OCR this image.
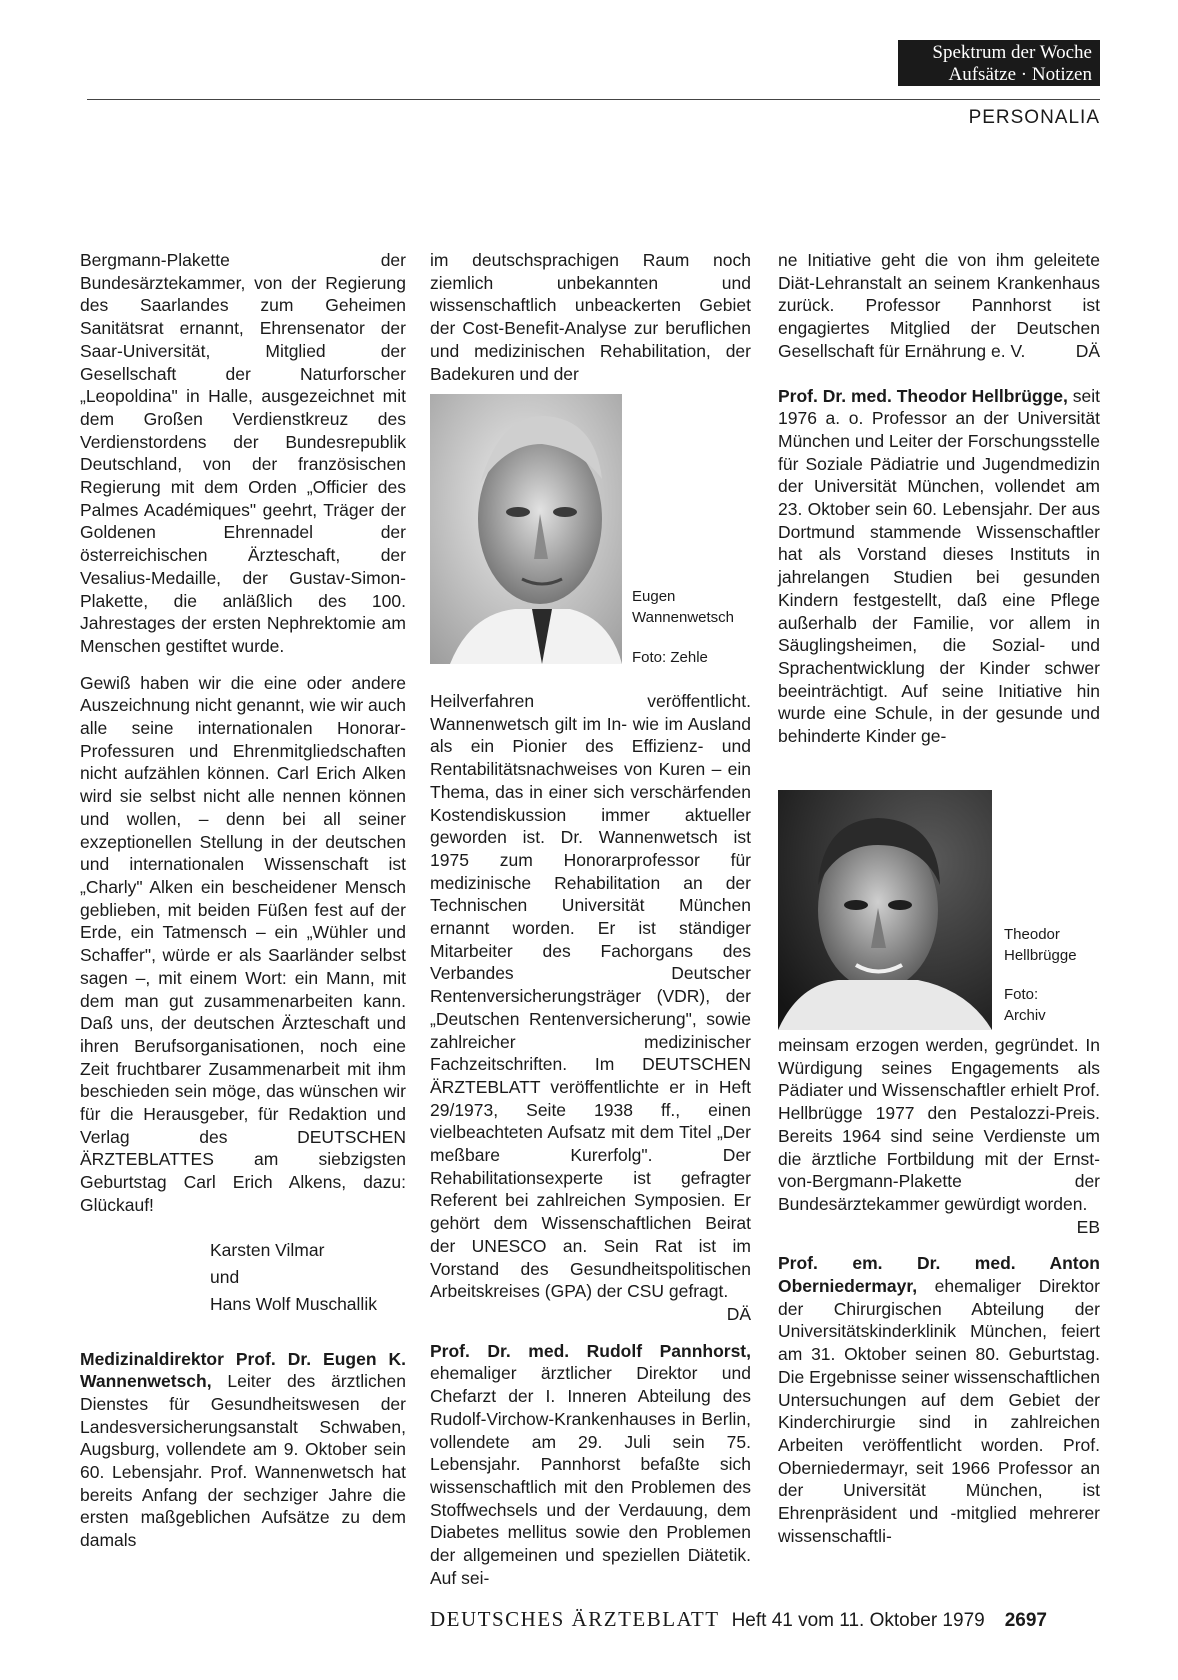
Spektrum der Woche
Aufsätze · Notizen
PERSONALIA

Bergmann-Plakette der Bundesärztekammer, von der Regierung des Saarlandes zum Geheimen Sanitätsrat ernannt, Ehrensenator der Saar-Universität, Mitglied der Gesellschaft der Naturforscher „Leopoldina" in Halle, ausgezeichnet mit dem Großen Verdienstkreuz des Verdienstordens der Bundesrepublik Deutschland, von der französischen Regierung mit dem Orden „Officier des Palmes Académiques" geehrt, Träger der Goldenen Ehrennadel der österreichischen Ärzteschaft, der Vesalius-Medaille, der Gustav-Simon-Plakette, die anläßlich des 100. Jahrestages der ersten Nephrektomie am Menschen gestiftet wurde.

Gewiß haben wir die eine oder andere Auszeichnung nicht genannt, wie wir auch alle seine internationalen Honorar-Professuren und Ehrenmitgliedschaften nicht aufzählen können. Carl Erich Alken wird sie selbst nicht alle nennen können und wollen, – denn bei all seiner exzeptionellen Stellung in der deutschen und internationalen Wissenschaft ist „Charly" Alken ein bescheidener Mensch geblieben, mit beiden Füßen fest auf der Erde, ein Tatmensch – ein „Wühler und Schaffer", würde er als Saarländer selbst sagen –, mit einem Wort: ein Mann, mit dem man gut zusammenarbeiten kann. Daß uns, der deutschen Ärzteschaft und ihren Berufsorganisationen, noch eine Zeit fruchtbarer Zusammenarbeit mit ihm beschieden sein möge, das wünschen wir für die Herausgeber, für Redaktion und Verlag des DEUTSCHEN ÄRZTEBLATTES am siebzigsten Geburtstag Carl Erich Alkens, dazu: Glückauf!

Karsten Vilmar
und
Hans Wolf Muschallik

Medizinaldirektor Prof. Dr. Eugen K. Wannenwetsch, Leiter des ärztlichen Dienstes für Gesundheitswesen der Landesversicherungsanstalt Schwaben, Augsburg, vollendete am 9. Oktober sein 60. Lebensjahr. Prof. Wannenwetsch hat bereits Anfang der sechziger Jahre die ersten maßgeblichen Aufsätze zu dem damals

im deutschsprachigen Raum noch ziemlich unbekannten und wissenschaftlich unbeackerten Gebiet der Cost-Benefit-Analyse zur beruflichen und medizinischen Rehabilitation, der Badekuren und der

Eugen Wannenwetsch
Foto: Zehle

Heilverfahren veröffentlicht. Wannenwetsch gilt im In- wie im Ausland als ein Pionier des Effizienz- und Rentabilitätsnachweises von Kuren – ein Thema, das in einer sich verschärfenden Kostendiskussion immer aktueller geworden ist. Dr. Wannenwetsch ist 1975 zum Honorarprofessor für medizinische Rehabilitation an der Technischen Universität München ernannt worden. Er ist ständiger Mitarbeiter des Fachorgans des Verbandes Deutscher Rentenversicherungsträger (VDR), der „Deutschen Rentenversicherung", sowie zahlreicher medizinischer Fachzeitschriften. Im DEUTSCHEN ÄRZTEBLATT veröffentlichte er in Heft 29/1973, Seite 1938 ff., einen vielbeachteten Aufsatz mit dem Titel „Der meßbare Kurerfolg". Der Rehabilitationsexperte ist gefragter Referent bei zahlreichen Symposien. Er gehört dem Wissenschaftlichen Beirat der UNESCO an. Sein Rat ist im Vorstand des Gesundheitspolitischen Arbeitskreises (GPA) der CSU gefragt.
DÄ

Prof. Dr. med. Rudolf Pannhorst, ehemaliger ärztlicher Direktor und Chefarzt der I. Inneren Abteilung des Rudolf-Virchow-Krankenhauses in Berlin, vollendete am 29. Juli sein 75. Lebensjahr. Pannhorst befaßte sich wissenschaftlich mit den Problemen des Stoffwechsels und der Verdauung, dem Diabetes mellitus sowie den Problemen der allgemeinen und speziellen Diätetik. Auf sei-

ne Initiative geht die von ihm geleitete Diät-Lehranstalt an seinem Krankenhaus zurück. Professor Pannhorst ist engagiertes Mitglied der Deutschen Gesellschaft für Ernährung e. V.	DÄ

Prof. Dr. med. Theodor Hellbrügge, seit 1976 a. o. Professor an der Universität München und Leiter der Forschungsstelle für Soziale Pädiatrie und Jugendmedizin der Universität München, vollendet am 23. Oktober sein 60. Lebensjahr. Der aus Dortmund stammende Wissenschaftler hat als Vorstand dieses Instituts in jahrelangen Studien bei gesunden Kindern festgestellt, daß eine Pflege außerhalb der Familie, vor allem in Säuglingsheimen, die Sozial- und Sprachentwicklung der Kinder schwer beeinträchtigt. Auf seine Initiative hin wurde eine Schule, in der gesunde und behinderte Kinder ge-

Theodor Hellbrügge
Foto: Archiv

meinsam erzogen werden, gegründet. In Würdigung seines Engagements als Pädiater und Wissenschaftler erhielt Prof. Hellbrügge 1977 den Pestalozzi-Preis. Bereits 1964 sind seine Verdienste um die ärztliche Fortbildung mit der Ernst-von-Bergmann-Plakette der Bundesärztekammer gewürdigt worden.
EB

Prof. em. Dr. med. Anton Oberniedermayr, ehemaliger Direktor der Chirurgischen Abteilung der Universitätskinderklinik München, feiert am 31. Oktober seinen 80. Geburtstag. Die Ergebnisse seiner wissenschaftlichen Untersuchungen auf dem Gebiet der Kinderchirurgie sind in zahlreichen Arbeiten veröffentlicht worden. Prof. Oberniedermayr, seit 1966 Professor an der Universität München, ist Ehrenpräsident und -mitglied mehrerer wissenschaftli-

DEUTSCHES ÄRZTEBLATT Heft 41 vom 11. Oktober 1979 2697
